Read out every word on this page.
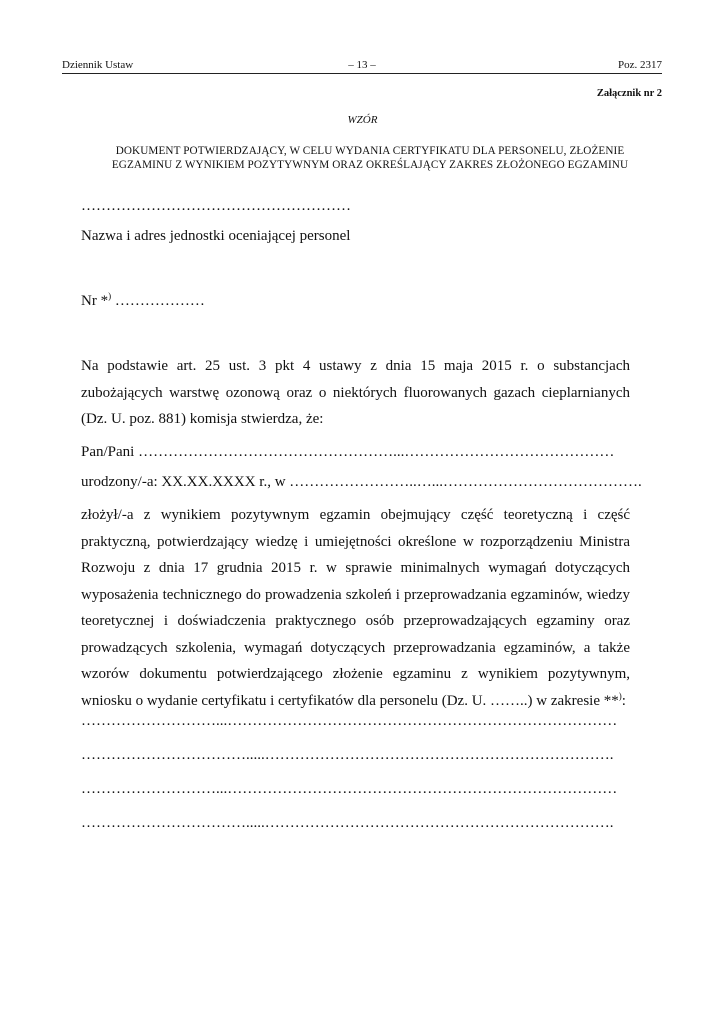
Dziennik Ustaw	– 13 –	Poz. 2317
Załącznik nr 2
WZÓR
DOKUMENT POTWIERDZAJĄCY, W CELU WYDANIA CERTYFIKATU DLA PERSONELU, ZŁOŻENIE
EGZAMINU Z WYNIKIEM POZYTYWNYM ORAZ OKREŚLAJĄCY ZAKRES ZŁOŻONEGO EGZAMINU
………………………………………………
Nazwa i adres jednostki oceniającej personel
Nr *) ………………
Na podstawie art. 25 ust. 3 pkt 4 ustawy z dnia 15 maja 2015 r. o substancjach zubożających warstwę ozonową oraz o niektórych fluorowanych gazach cieplarnianych (Dz. U. poz. 881) komisja stwierdza, że:
Pan/Pani ……………………………………………...……………………………………
urodzony/-a: XX.XX.XXXX r., w ……………………..…...………………………………….
złożył/-a z wynikiem pozytywnym egzamin obejmujący część teoretyczną i część praktyczną, potwierdzający wiedzę i umiejętności określone w rozporządzeniu Ministra Rozwoju z dnia 17 grudnia 2015 r. w sprawie minimalnych wymagań dotyczących wyposażenia technicznego do prowadzenia szkoleń i przeprowadzania egzaminów, wiedzy teoretycznej i doświadczenia praktycznego osób przeprowadzających egzaminy oraz prowadzących szkolenia, wymagań dotyczących przeprowadzania egzaminów, a także wzorów dokumentu potwierdzającego złożenie egzaminu z wynikiem pozytywnym, wniosku o wydanie certyfikatu i certyfikatów dla personelu (Dz. U. ……..) w zakresie **):
………………………...……………………………………………………………………
…………………………….....…………………………………………………………….
………………………...……………………………………………………………………
…………………………….....…………………………………………………………….
